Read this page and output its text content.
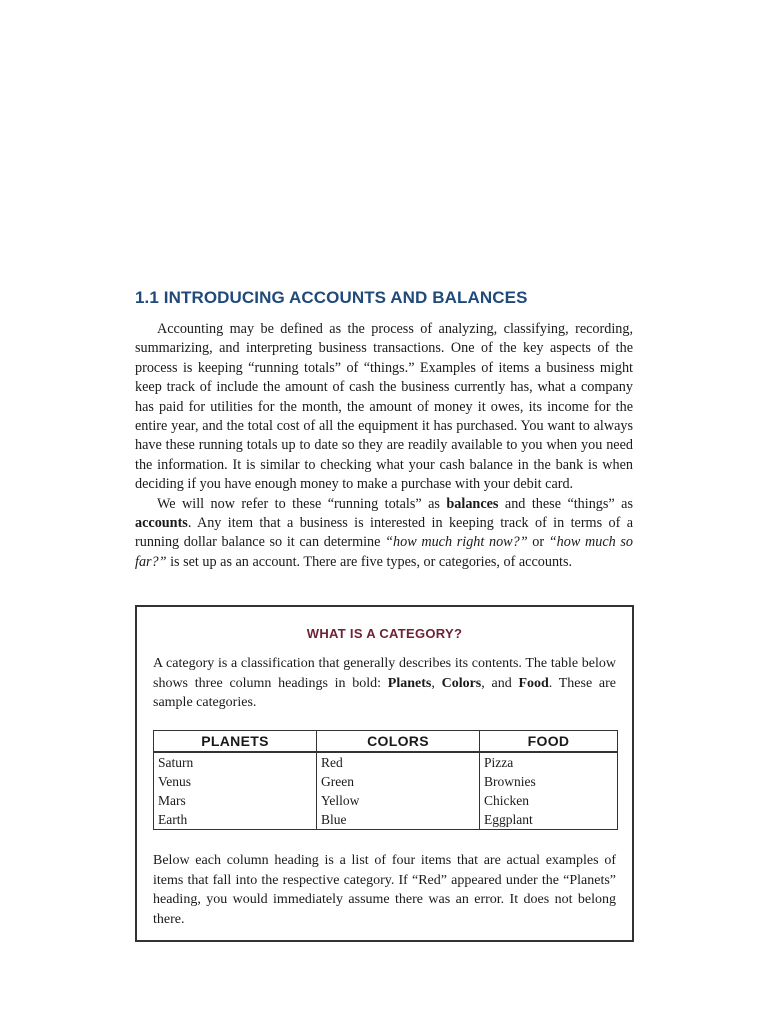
1.1 INTRODUCING ACCOUNTS AND BALANCES

Accounting may be defined as the process of analyzing, classifying, recording, summarizing, and interpreting business transactions. One of the key aspects of the process is keeping “running totals” of “things.” Examples of items a business might keep track of include the amount of cash the business currently has, what a company has paid for utilities for the month, the amount of money it owes, its income for the entire year, and the total cost of all the equipment it has purchased. You want to always have these running totals up to date so they are readily available to you when you need the information. It is similar to checking what your cash balance in the bank is when deciding if you have enough money to make a purchase with your debit card.

We will now refer to these “running totals” as balances and these “things” as accounts. Any item that a business is interested in keeping track of in terms of a running dollar balance so it can determine “how much right now?” or “how much so far?” is set up as an account. There are five types, or categories, of accounts.

WHAT IS A CATEGORY?

A category is a classification that generally describes its contents. The table below shows three column headings in bold: Planets, Colors, and Food. These are sample categories.

PLANETS	COLORS	FOOD
Saturn	Red	Pizza
Venus	Green	Brownies
Mars	Yellow	Chicken
Earth	Blue	Eggplant

Below each column heading is a list of four items that are actual examples of items that fall into the respective category. If “Red” appeared under the “Planets” heading, you would immediately assume there was an error. It does not belong there.
